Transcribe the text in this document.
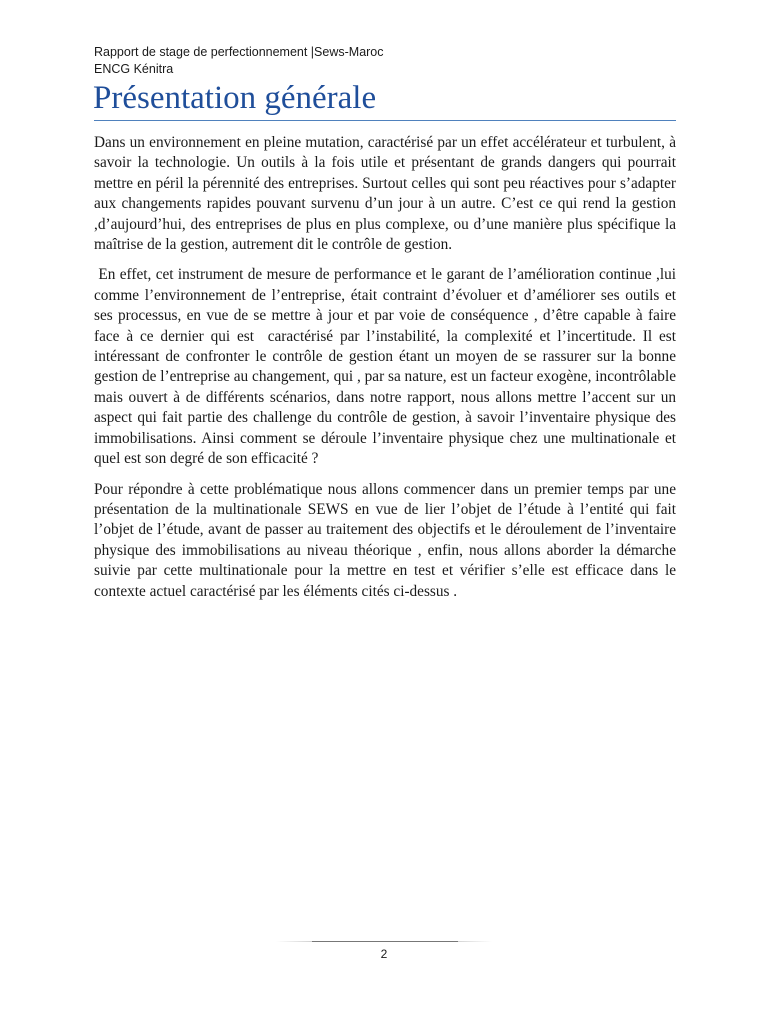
Rapport de stage de perfectionnement |Sews-Maroc
ENCG Kénitra
Présentation générale

Dans un environnement en pleine mutation, caractérisé par un effet accélérateur et turbulent, à savoir la technologie. Un outils à la fois utile et présentant de grands dangers qui pourrait mettre en péril la pérennité des entreprises. Surtout celles qui sont peu réactives pour s’adapter aux changements rapides pouvant survenu d’un jour à un autre. C’est ce qui rend la gestion ,d’aujourd’hui, des entreprises de plus en plus complexe, ou d’une manière plus spécifique la maîtrise de la gestion, autrement dit le contrôle de gestion.

En effet, cet instrument de mesure de performance et le garant de l’amélioration continue ,lui comme l’environnement de l’entreprise, était contraint d’évoluer et d’améliorer ses outils et ses processus, en vue de se mettre à jour et par voie de conséquence , d’être capable à faire face à ce dernier qui est  caractérisé par l’instabilité, la complexité et l’incertitude. Il est intéressant de confronter le contrôle de gestion étant un moyen de se rassurer sur la bonne gestion de l’entreprise au changement, qui , par sa nature, est un facteur exogène, incontrôlable mais ouvert à de différents scénarios, dans notre rapport, nous allons mettre l’accent sur un aspect qui fait partie des challenge du contrôle de gestion, à savoir l’inventaire physique des immobilisations. Ainsi comment se déroule l’inventaire physique chez une multinationale et quel est son degré de son efficacité ?

Pour répondre à cette problématique nous allons commencer dans un premier temps par une présentation de la multinationale SEWS en vue de lier l’objet de l’étude à l’entité qui fait l’objet de l’étude, avant de passer au traitement des objectifs et le déroulement de l’inventaire physique des immobilisations au niveau théorique , enfin, nous allons aborder la démarche suivie par cette multinationale pour la mettre en test et vérifier s’elle est efficace dans le contexte actuel caractérisé par les éléments cités ci-dessus .

2
